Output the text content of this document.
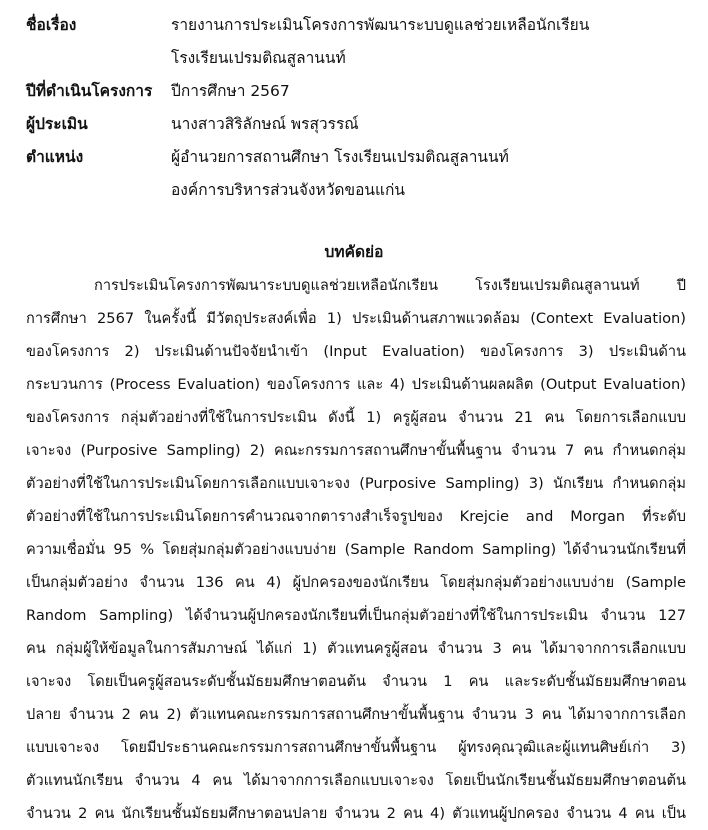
ชื่อเรื่อง	รายงานการประเมินโครงการพัฒนาระบบดูแลช่วยเหลือนักเรียน
โรงเรียนเปรมติณสูลานนท์
ปีที่ดำเนินโครงการ	ปีการศึกษา 2567
ผู้ประเมิน	นางสาวสิริลักษณ์ พรสุวรรณ์
ตำแหน่ง	ผู้อำนวยการสถานศึกษา โรงเรียนเปรมติณสูลานนท์
องค์การบริหารส่วนจังหวัดขอนแก่น
บทคัดย่อ
การประเมินโครงการพัฒนาระบบดูแลช่วยเหลือนักเรียน โรงเรียนเปรมติณสูลานนท์ ปี
การศึกษา 2567 ในครั้งนี้ มีวัตถุประสงค์เพื่อ 1) ประเมินด้านสภาพแวดล้อม (Context Evaluation)
ของโครงการ 2) ประเมินด้านปัจจัยนำเข้า (Input Evaluation) ของโครงการ 3) ประเมินด้าน
กระบวนการ (Process Evaluation) ของโครงการ และ 4) ประเมินด้านผลผลิต (Output Evaluation)
ของโครงการ กลุ่มตัวอย่างที่ใช้ในการประเมิน ดังนี้ 1) ครูผู้สอน จำนวน 21 คน โดยการเลือกแบบ
เจาะจง (Purposive Sampling) 2) คณะกรรมการสถานศึกษาขั้นพื้นฐาน จำนวน 7 คน กำหนดกลุ่ม
ตัวอย่างที่ใช้ในการประเมินโดยการเลือกแบบเจาะจง (Purposive Sampling) 3) นักเรียน กำหนดกลุ่ม
ตัวอย่างที่ใช้ในการประเมินโดยการคำนวณจากตารางสำเร็จรูปของ Krejcie and Morgan ที่ระดับ
ความเชื่อมั่น 95 % โดยสุ่มกลุ่มตัวอย่างแบบง่าย (Sample Random Sampling) ได้จำนวนนักเรียนที่
เป็นกลุ่มตัวอย่าง จำนวน 136 คน 4) ผู้ปกครองของนักเรียน โดยสุ่มกลุ่มตัวอย่างแบบง่าย (Sample
Random Sampling) ได้จำนวนผู้ปกครองนักเรียนที่เป็นกลุ่มตัวอย่างที่ใช้ในการประเมิน จำนวน 127
คน กลุ่มผู้ให้ข้อมูลในการสัมภาษณ์ ได้แก่ 1) ตัวแทนครูผู้สอน จำนวน 3 คน ได้มาจากการเลือกแบบ
เจาะจง โดยเป็นครูผู้สอนระดับชั้นมัธยมศึกษาตอนต้น จำนวน 1 คน และระดับชั้นมัธยมศึกษาตอน
ปลาย จำนวน 2 คน 2) ตัวแทนคณะกรรมการสถานศึกษาขั้นพื้นฐาน จำนวน 3 คน ได้มาจากการเลือก
แบบเจาะจง โดยมีประธานคณะกรรมการสถานศึกษาขั้นพื้นฐาน ผู้ทรงคุณวุฒิและผู้แทนศิษย์เก่า 3)
ตัวแทนนักเรียน จำนวน 4 คน ได้มาจากการเลือกแบบเจาะจง โดยเป็นนักเรียนชั้นมัธยมศึกษาตอนต้น
จำนวน 2 คน นักเรียนชั้นมัธยมศึกษาตอนปลาย จำนวน 2 คน 4) ตัวแทนผู้ปกครอง จำนวน 4 คน เป็น
